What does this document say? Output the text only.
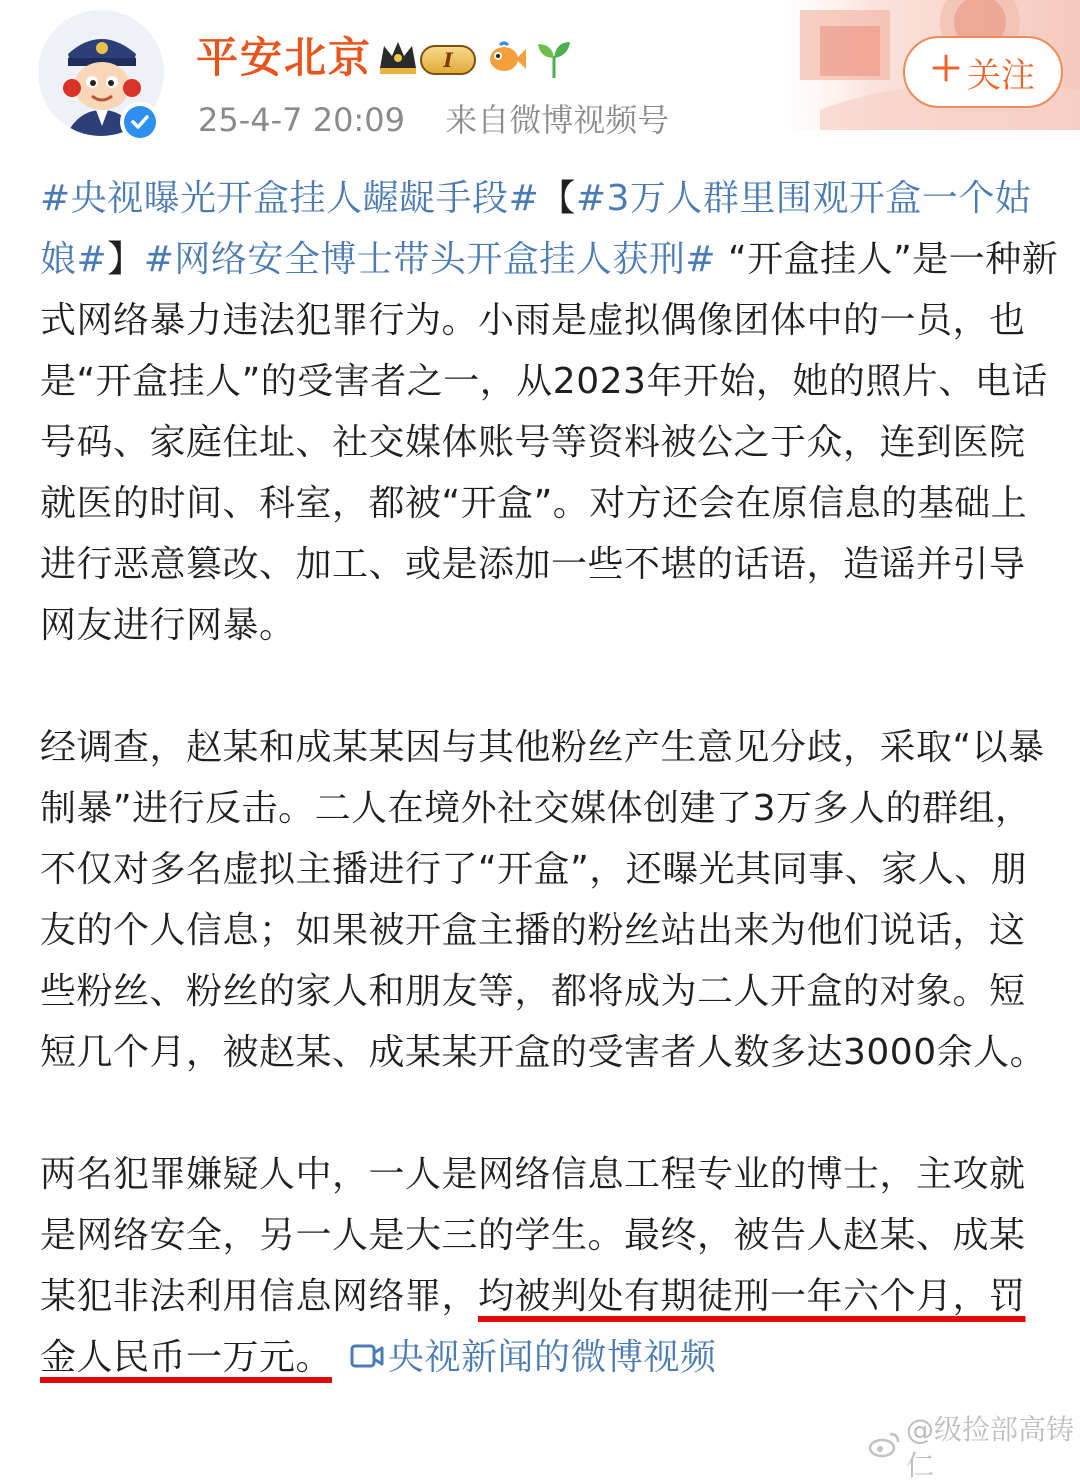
平安北京	I
25-4-7 20:09 来自微博视频号
关注

#央视曝光开盒挂人龌龊手段#【#3万人群里围观开盒一个姑娘#】#网络安全博士带头开盒挂人获刑# “开盒挂人”是一种新式网络暴力违法犯罪行为。小雨是虚拟偶像团体中的一员，也是“开盒挂人”的受害者之一，从2023年开始，她的照片、电话号码、家庭住址、社交媒体账号等资料被公之于众，连到医院就医的时间、科室，都被“开盒”。对方还会在原信息的基础上进行恶意篡改、加工、或是添加一些不堪的话语，造谣并引导网友进行网暴。

经调查，赵某和成某某因与其他粉丝产生意见分歧，采取“以暴制暴”进行反击。二人在境外社交媒体创建了3万多人的群组，不仅对多名虚拟主播进行了“开盒”，还曝光其同事、家人、朋友的个人信息；如果被开盒主播的粉丝站出来为他们说话，这些粉丝、粉丝的家人和朋友等，都将成为二人开盒的对象。短短几个月，被赵某、成某某开盒的受害者人数多达3000余人。

两名犯罪嫌疑人中，一人是网络信息工程专业的博士，主攻就是网络安全，另一人是大三的学生。最终，被告人赵某、成某某犯非法利用信息网络罪，均被判处有期徒刑一年六个月，罚金人民币一万元。 央视新闻的微博视频

@级捡部高铸仁
